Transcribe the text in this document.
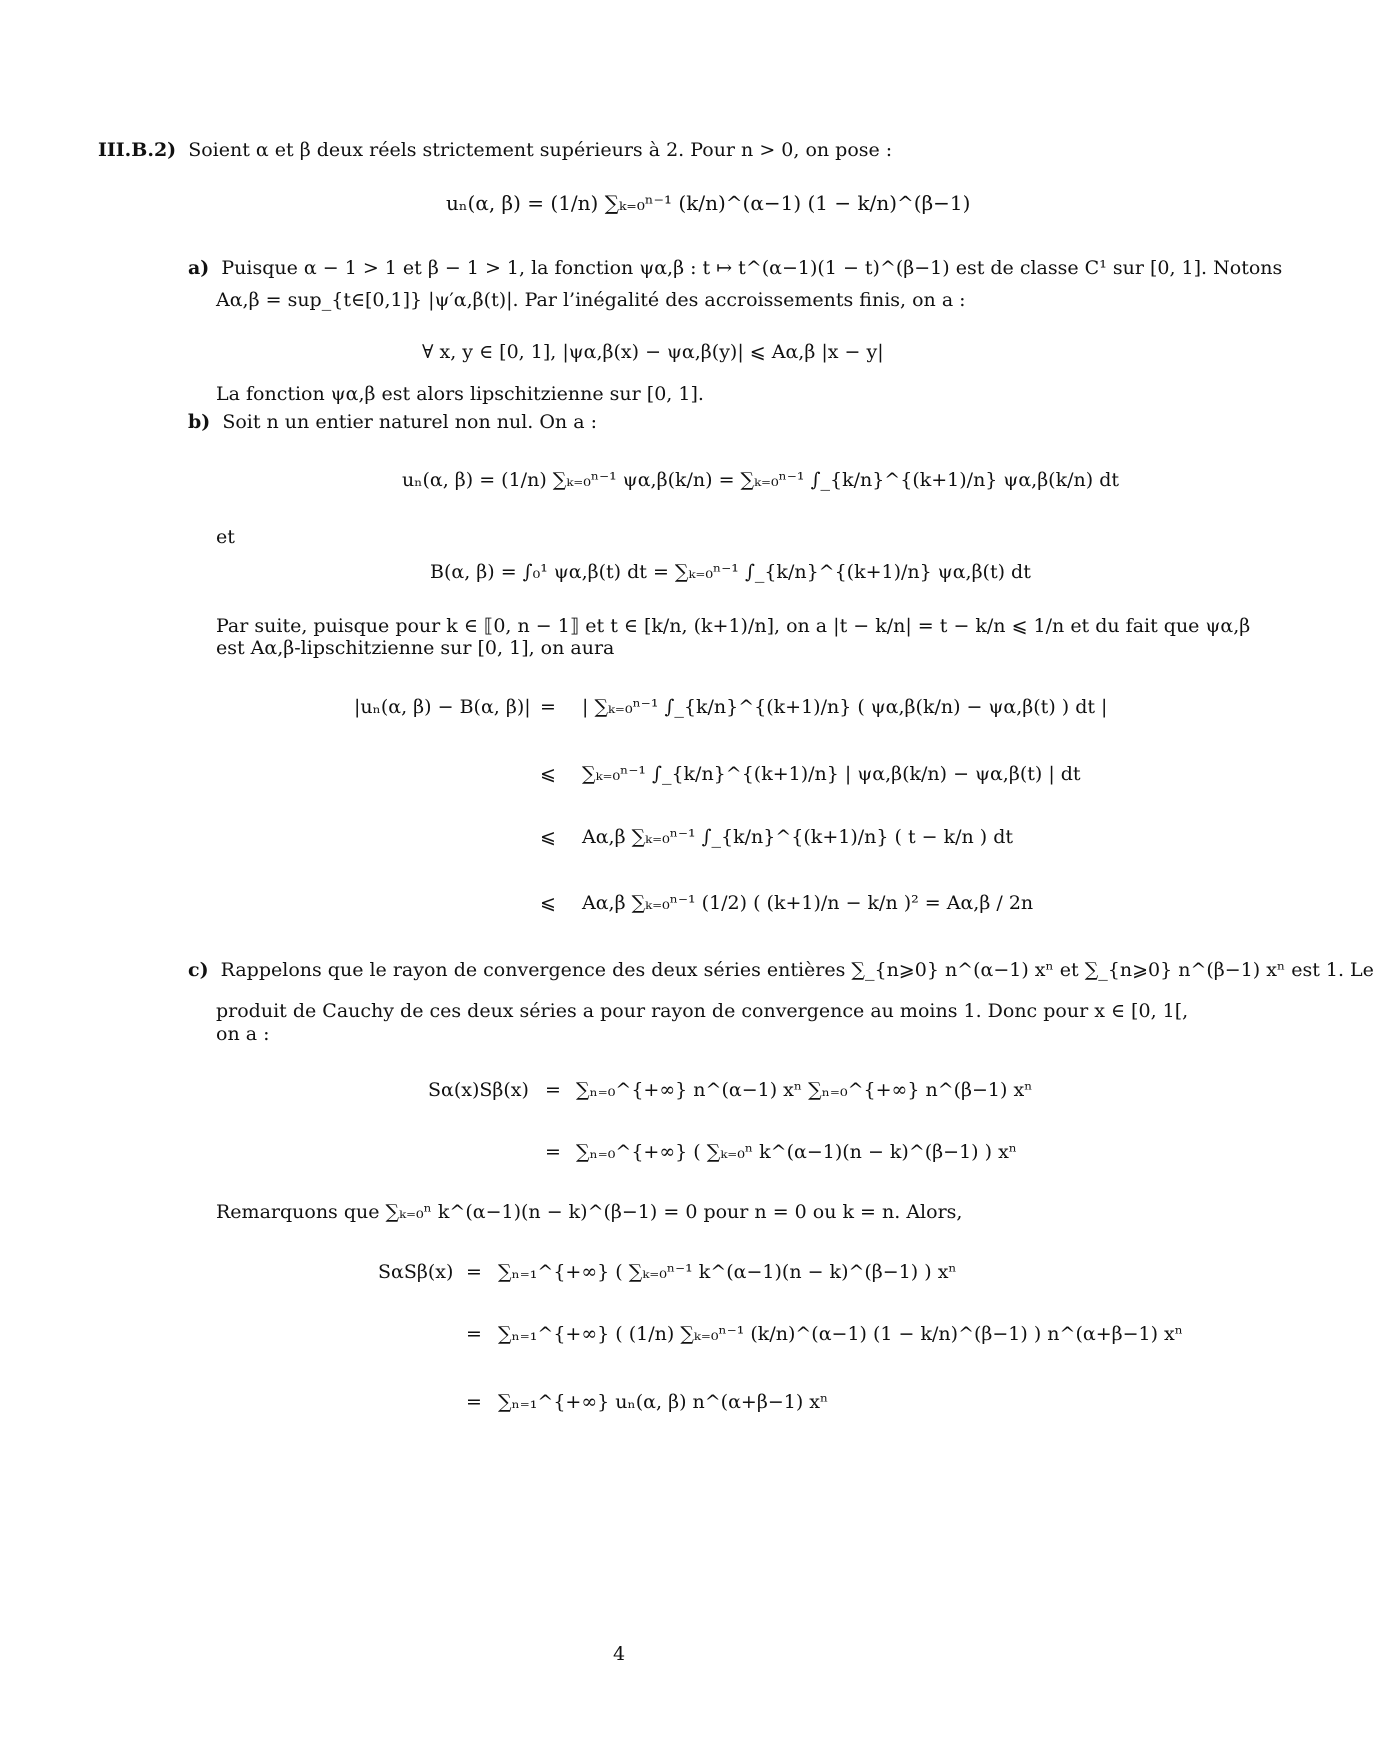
III.B.2) Soient α et β deux réels strictement supérieurs à 2. Pour n > 0, on pose :
uₙ(α, β) = (1/n) ∑ₖ₌₀ⁿ⁻¹ (k/n)^(α−1) (1 − k/n)^(β−1)
a) Puisque α − 1 > 1 et β − 1 > 1, la fonction ψα,β : t ↦ t^(α−1)(1 − t)^(β−1) est de classe C¹ sur [0, 1]. Notons
Aα,β = sup_{t∈[0,1]} |ψ′α,β(t)|. Par l’inégalité des accroissements finis, on a :
∀ x, y ∈ [0, 1], |ψα,β(x) − ψα,β(y)| ⩽ Aα,β |x − y|
La fonction ψα,β est alors lipschitzienne sur [0, 1].
b) Soit n un entier naturel non nul. On a :
uₙ(α, β) = (1/n) ∑ₖ₌₀ⁿ⁻¹ ψα,β(k/n) = ∑ₖ₌₀ⁿ⁻¹ ∫_{k/n}^{(k+1)/n} ψα,β(k/n) dt
et
B(α, β) = ∫₀¹ ψα,β(t) dt = ∑ₖ₌₀ⁿ⁻¹ ∫_{k/n}^{(k+1)/n} ψα,β(t) dt
Par suite, puisque pour k ∈ ⟦0, n − 1⟧ et t ∈ [k/n, (k+1)/n], on a |t − k/n| = t − k/n ⩽ 1/n et du fait que ψα,β
est Aα,β-lipschitzienne sur [0, 1], on aura
|uₙ(α, β) − B(α, β)| = | ∑ₖ₌₀ⁿ⁻¹ ∫_{k/n}^{(k+1)/n} ( ψα,β(k/n) − ψα,β(t) ) dt |
⩽ ∑ₖ₌₀ⁿ⁻¹ ∫_{k/n}^{(k+1)/n} | ψα,β(k/n) − ψα,β(t) | dt
⩽ Aα,β ∑ₖ₌₀ⁿ⁻¹ ∫_{k/n}^{(k+1)/n} ( t − k/n ) dt
⩽ Aα,β ∑ₖ₌₀ⁿ⁻¹ (1/2) ( (k+1)/n − k/n )² = Aα,β / 2n
c) Rappelons que le rayon de convergence des deux séries entières ∑_{n⩾0} n^(α−1) xⁿ et ∑_{n⩾0} n^(β−1) xⁿ est 1. Le
produit de Cauchy de ces deux séries a pour rayon de convergence au moins 1. Donc pour x ∈ [0, 1[,
on a :
Sα(x)Sβ(x) = ∑ₙ₌₀^{+∞} n^(α−1) xⁿ ∑ₙ₌₀^{+∞} n^(β−1) xⁿ
= ∑ₙ₌₀^{+∞} ( ∑ₖ₌₀ⁿ k^(α−1)(n − k)^(β−1) ) xⁿ
Remarquons que ∑ₖ₌₀ⁿ k^(α−1)(n − k)^(β−1) = 0 pour n = 0 ou k = n. Alors,
SαSβ(x) = ∑ₙ₌₁^{+∞} ( ∑ₖ₌₀ⁿ⁻¹ k^(α−1)(n − k)^(β−1) ) xⁿ
= ∑ₙ₌₁^{+∞} ( (1/n) ∑ₖ₌₀ⁿ⁻¹ (k/n)^(α−1) (1 − k/n)^(β−1) ) n^(α+β−1) xⁿ
= ∑ₙ₌₁^{+∞} uₙ(α, β) n^(α+β−1) xⁿ
4
